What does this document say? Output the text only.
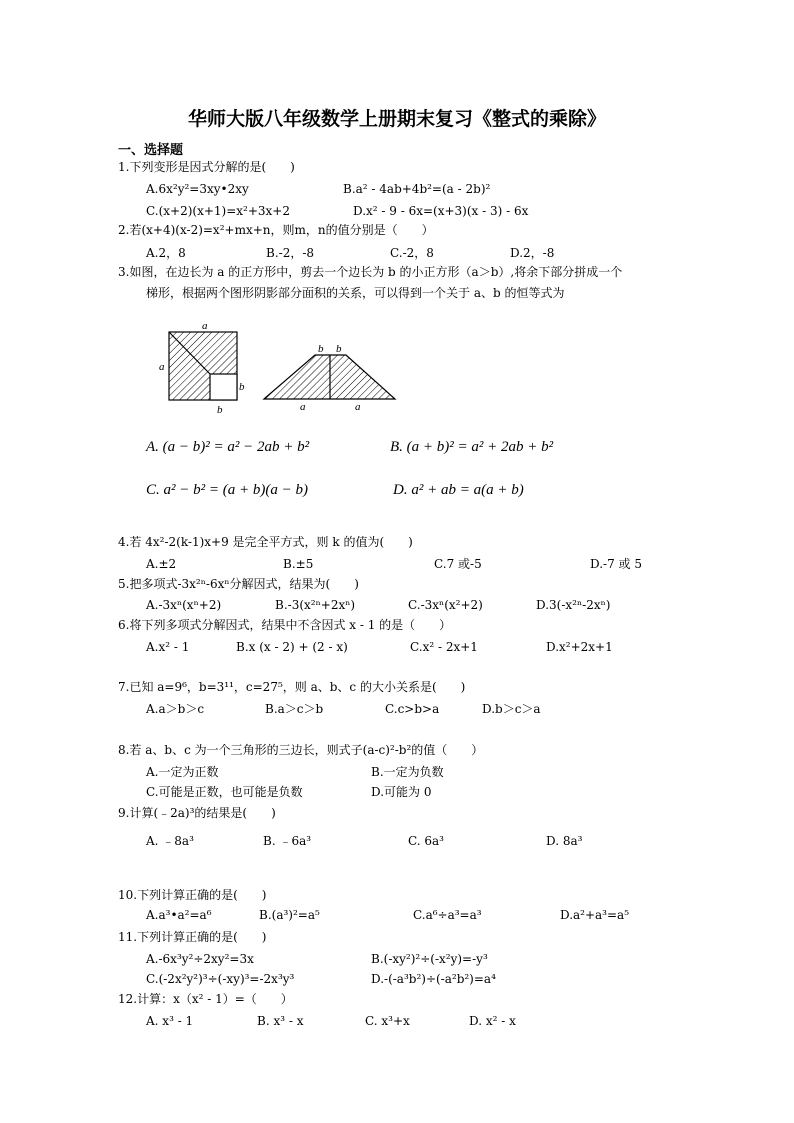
华师大版八年级数学上册期末复习《整式的乘除》
一、选择题
1.下列变形是因式分解的是(　　)
A.6x²y²=3xy•2xy	B.a² - 4ab+4b²=(a - 2b)²
C.(x+2)(x+1)=x²+3x+2	D.x² - 9 - 6x=(x+3)(x - 3) - 6x
2.若(x+4)(x-2)=x²+mx+n，则m，n的值分别是（　　）
A.2，8	B.-2，-8	C.-2，8	D.2，-8
3.如图，在边长为 a 的正方形中，剪去一个边长为 b 的小正方形（a＞b）,将余下部分拼成一个
梯形，根据两个图形阴影部分面积的关系，可以得到一个关于 a、b 的恒等式为
a
a
b
b
b b
a	a
A. (a − b)² = a² − 2ab + b²	B. (a + b)² = a² + 2ab + b²
C. a² − b² = (a + b)(a − b)	D. a² + ab = a(a + b)
4.若 4x²-2(k-1)x+9 是完全平方式，则 k 的值为(　　)
A.±2	B.±5	C.7 或-5	D.-7 或 5
5.把多项式-3x²ⁿ-6xⁿ分解因式，结果为(　　)
A.-3xⁿ(xⁿ+2)	B.-3(x²ⁿ+2xⁿ)	C.-3xⁿ(x²+2)	D.3(-x²ⁿ-2xⁿ)
6.将下列多项式分解因式，结果中不含因式 x - 1 的是（　　）
A.x² - 1	B.x (x - 2) + (2 - x)	C.x² - 2x+1	D.x²+2x+1
7.已知 a=9⁶，b=3¹¹，c=27⁵，则 a、b、c 的大小关系是(　　)
A.a＞b＞c	B.a＞c＞b	C.c>b>a	D.b＞c＞a
8.若 a、b、c 为一个三角形的三边长，则式子(a-c)²-b²的值（　　）
A.一定为正数	B.一定为负数
C.可能是正数，也可能是负数	D.可能为 0
9.计算(﹣2a)³的结果是(　　)
A. ﹣8a³	B. ﹣6a³	C. 6a³	D. 8a³
10.下列计算正确的是(　　)
A.a³•a²=a⁶	B.(a³)²=a⁵	C.a⁶÷a³=a³	D.a²+a³=a⁵
11.下列计算正确的是(　　)
A.-6x³y²÷2xy²=3x	B.(-xy²)²÷(-x²y)=-y³
C.(-2x²y²)³÷(-xy)³=-2x³y³	D.-(-a³b²)÷(-a²b²)=a⁴
12.计算：x（x² - 1）=（　　）
A. x³ - 1	B. x³ - x	C. x³+x	D. x² - x
